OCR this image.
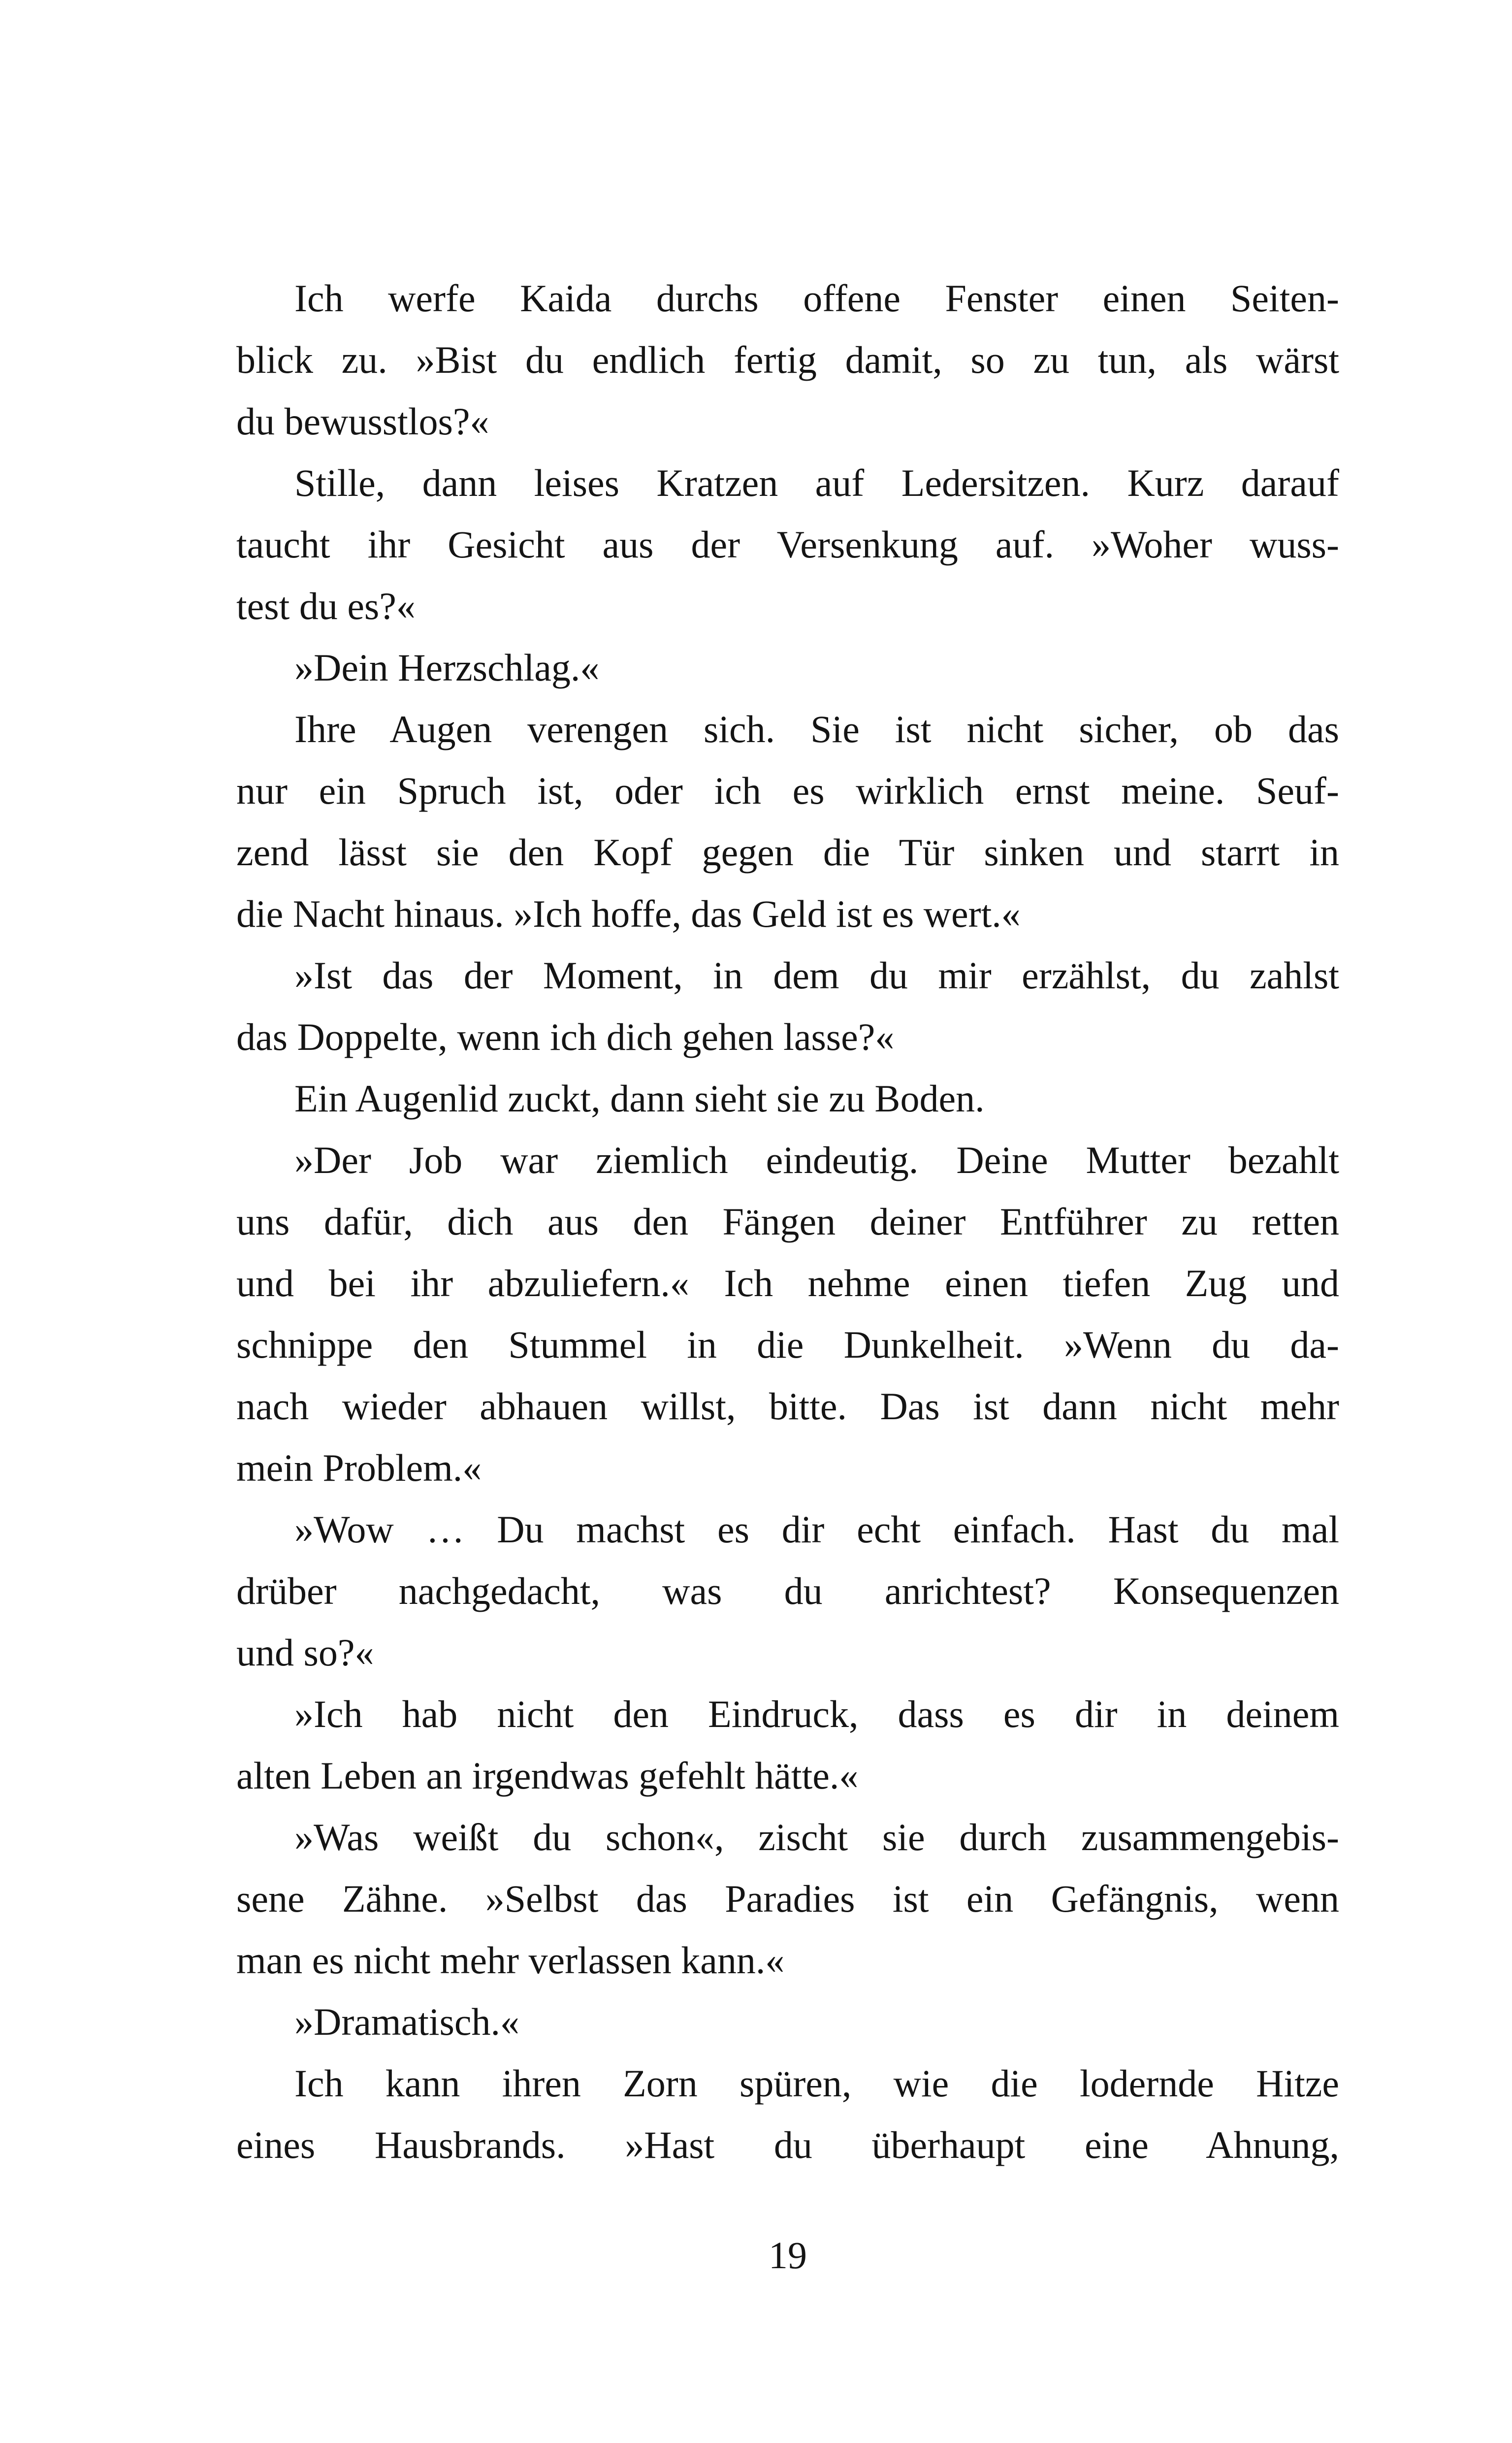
Ich werfe Kaida durchs offene Fenster einen Seiten-
blick zu. »Bist du endlich fertig damit, so zu tun, als wärst
du bewusstlos?«
Stille, dann leises Kratzen auf Ledersitzen. Kurz darauf
taucht ihr Gesicht aus der Versenkung auf. »Woher wuss-
test du es?«
»Dein Herzschlag.«
Ihre Augen verengen sich. Sie ist nicht sicher, ob das
nur ein Spruch ist, oder ich es wirklich ernst meine. Seuf-
zend lässt sie den Kopf gegen die Tür sinken und starrt in
die Nacht hinaus. »Ich hoffe, das Geld ist es wert.«
»Ist das der Moment, in dem du mir erzählst, du zahlst
das Doppelte, wenn ich dich gehen lasse?«
Ein Augenlid zuckt, dann sieht sie zu Boden.
»Der Job war ziemlich eindeutig. Deine Mutter bezahlt
uns dafür, dich aus den Fängen deiner Entführer zu retten
und bei ihr abzuliefern.« Ich nehme einen tiefen Zug und
schnippe den Stummel in die Dunkelheit. »Wenn du da-
nach wieder abhauen willst, bitte. Das ist dann nicht mehr
mein Problem.«
»Wow … Du machst es dir echt einfach. Hast du mal
drüber nachgedacht, was du anrichtest? Konsequenzen
und so?«
»Ich hab nicht den Eindruck, dass es dir in deinem
alten Leben an irgendwas gefehlt hätte.«
»Was weißt du schon«, zischt sie durch zusammengebis-
sene Zähne. »Selbst das Paradies ist ein Gefängnis, wenn
man es nicht mehr verlassen kann.«
»Dramatisch.«
Ich kann ihren Zorn spüren, wie die lodernde Hitze
eines Hausbrands. »Hast du überhaupt eine Ahnung,
19
